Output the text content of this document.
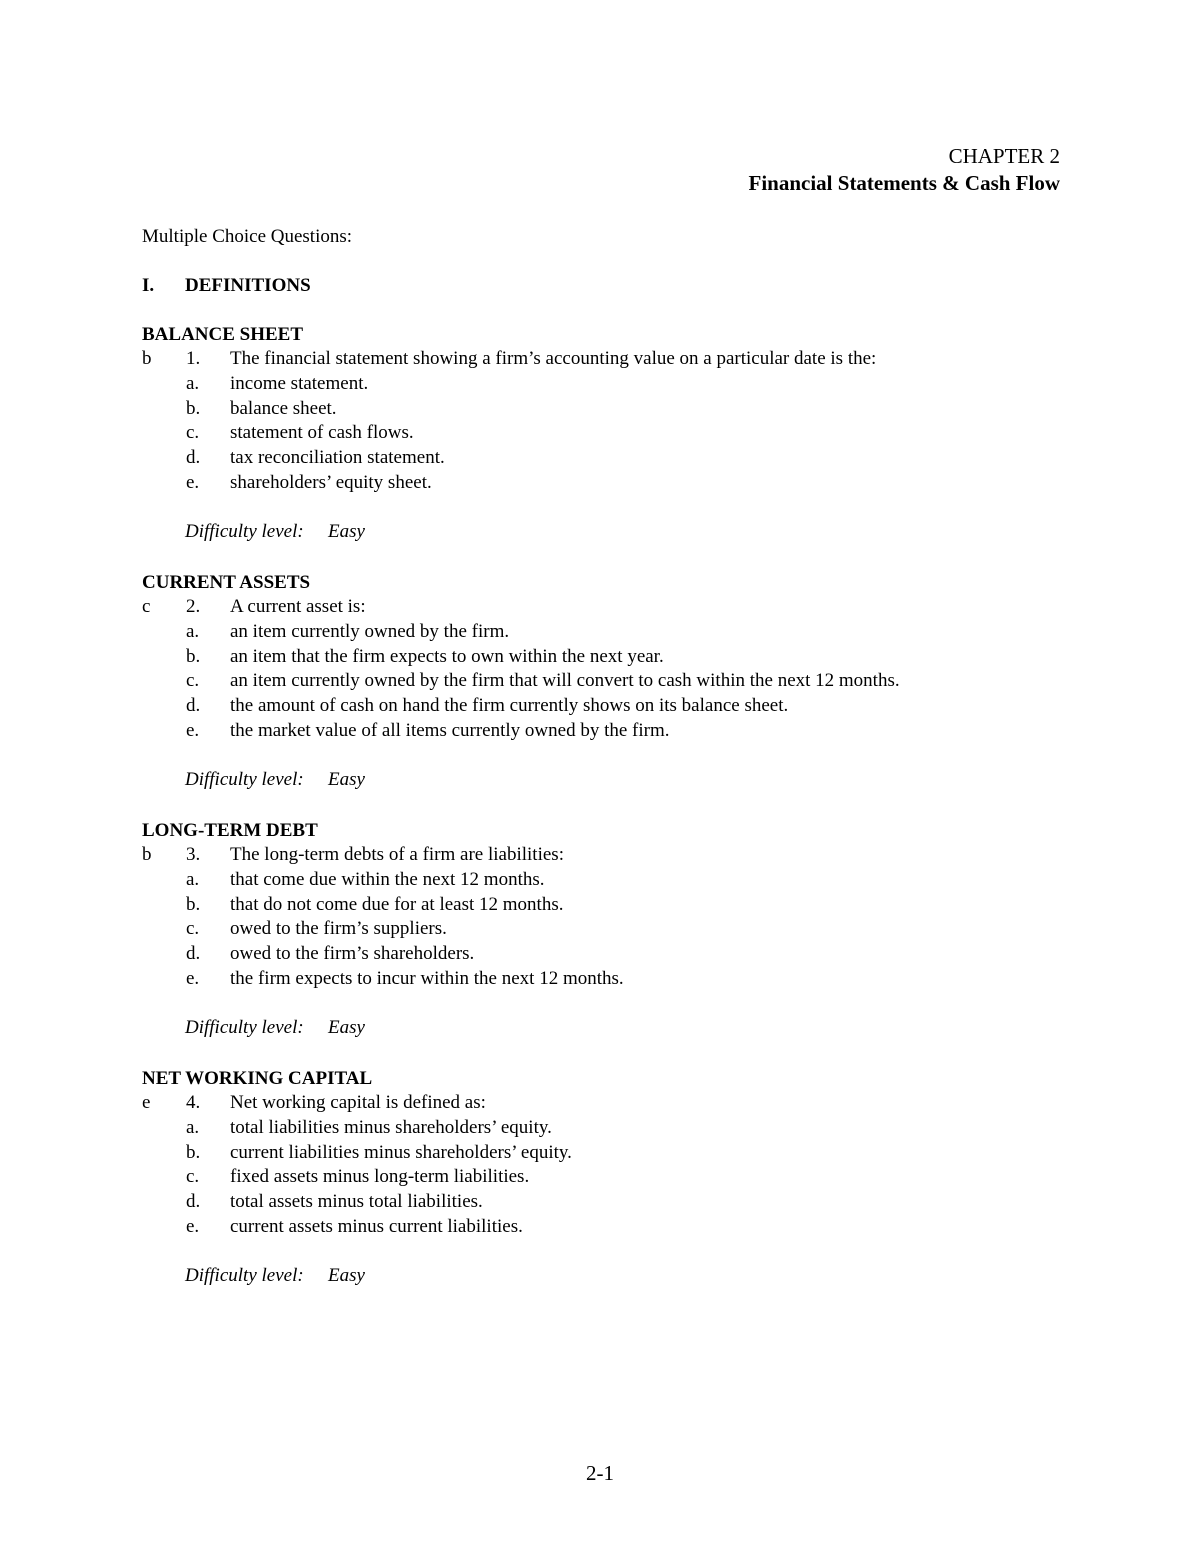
CHAPTER 2
Financial Statements & Cash Flow
Multiple Choice Questions:
I.	DEFINITIONS
BALANCE SHEET
b 1. The financial statement showing a firm’s accounting value on a particular date is the:
a. income statement.
b. balance sheet.
c. statement of cash flows.
d. tax reconciliation statement.
e. shareholders’ equity sheet.
Difficulty level: Easy
CURRENT ASSETS
c 2. A current asset is:
a. an item currently owned by the firm.
b. an item that the firm expects to own within the next year.
c. an item currently owned by the firm that will convert to cash within the next 12 months.
d. the amount of cash on hand the firm currently shows on its balance sheet.
e. the market value of all items currently owned by the firm.
Difficulty level: Easy
LONG-TERM DEBT
b 3. The long-term debts of a firm are liabilities:
a. that come due within the next 12 months.
b. that do not come due for at least 12 months.
c. owed to the firm’s suppliers.
d. owed to the firm’s shareholders.
e. the firm expects to incur within the next 12 months.
Difficulty level: Easy
NET WORKING CAPITAL
e 4. Net working capital is defined as:
a. total liabilities minus shareholders’ equity.
b. current liabilities minus shareholders’ equity.
c. fixed assets minus long-term liabilities.
d. total assets minus total liabilities.
e. current assets minus current liabilities.
Difficulty level: Easy
2-1
